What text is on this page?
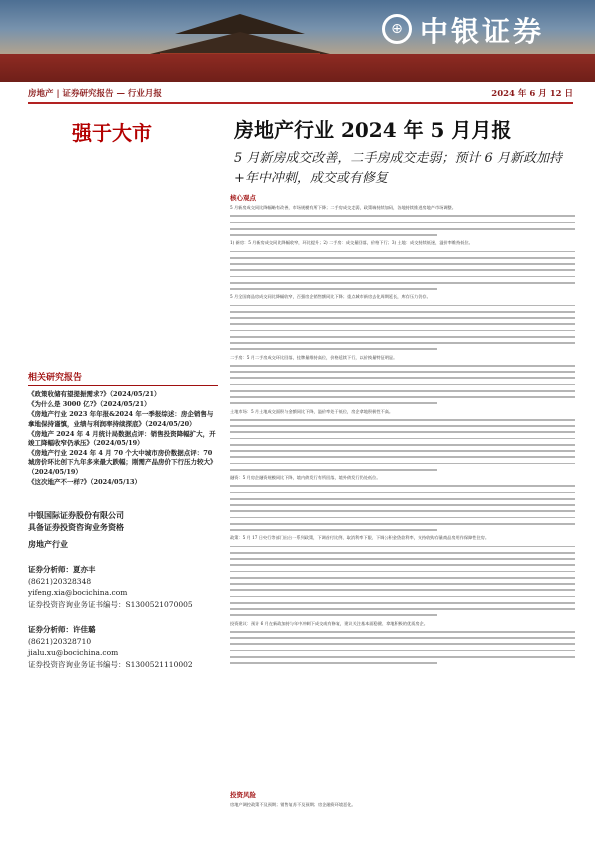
⊕ 中银证券
房地产 | 证券研究报告 — 行业月报	2024 年 6 月 12 日
强于大市	房地产行业 2024 年 5 月月报
5 月新房成交改善，二手房成交走弱；预计 6 月新政加持+年中冲刺，成交或有修复
核心观点
5 月新房成交同比降幅略有改善，市场规模有所下降；二手房成交走弱，政策端持续加码，各地持续推进房地产市场调整。
1) 新房：5 月新房成交同比降幅收窄，环比提升；2) 二手房：成交量回落，价格下行；3) 土地：成交持续低迷，溢价率维持低位。
5 月全国商品房成交同比降幅收窄，百强房企销售额同比下降；重点城市新房去化周期延长，库存压力仍存。
二手房：5 月二手房成交环比回落，挂牌量维持高位，价格延续下行，以价换量特征明显。
土地市场：5 月土地成交面积与金额同比下降，溢价率处于低位，房企拿地积极性不高。
融资：5 月房企融资规模同比下降，境内债发行有所回落，境外债发行仍处低位。
政策：5 月 17 日央行等部门出台一系列政策，下调首付比例、取消利率下限、下调公积金贷款利率，支持收购存量商品房用作保障性住房。
投资建议：预计 6 月在新政加持与年中冲刺下成交或有修复，建议关注基本面稳健、拿地积极的优质房企。
投资风险
房地产调控政策不及预期；销售复苏不及预期；房企融资环境恶化。
相关研究报告
《政策收储有望提振需求?》（2024/05/21）
《为什么是 3000 亿?》（2024/05/21）
《房地产行业 2023 年年报&2024 年一季报综述：房企销售与拿地保持谨慎，业绩与利润率持续探底》（2024/05/20）
《房地产 2024 年 4 月统计局数据点评：销售投资降幅扩大，开竣工降幅收窄仍承压》（2024/05/19）
《房地产行业 2024 年 4 月 70 个大中城市房价数据点评：70 城房价环比创下九年多来最大跌幅；刚需产品房价下行压力较大》（2024/05/19）
《这次地产不一样?》（2024/05/13）
中银国际证券股份有限公司
具备证券投资咨询业务资格
房地产行业
证券分析师：夏亦丰
(8621)20328348
yifeng.xia@bocichina.com
证券投资咨询业务证书编号：S1300521070005
证券分析师：许佳璐
(8621)20328710
jialu.xu@bocichina.com
证券投资咨询业务证书编号：S1300521110002
